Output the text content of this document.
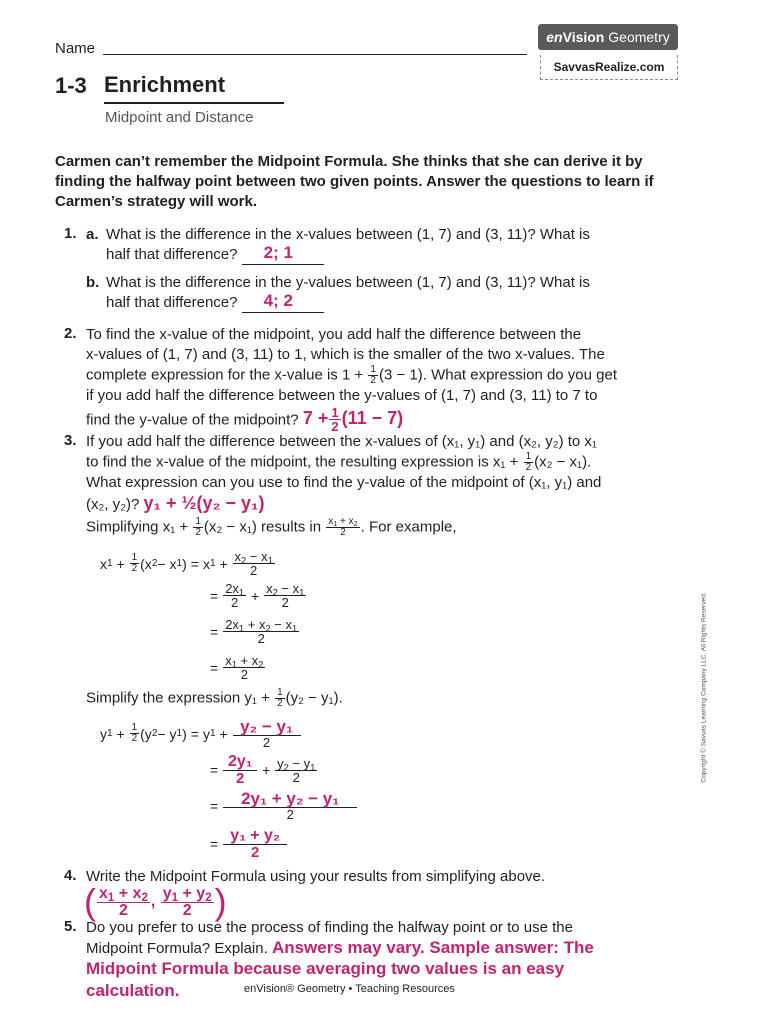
Name
enVision Geometry
SavvasRealize.com
1-3 Enrichment
Midpoint and Distance
Carmen can’t remember the Midpoint Formula. She thinks that she can derive it by finding the halfway point between two given points. Answer the questions to learn if Carmen’s strategy will work.
1. a. What is the difference in the x-values between (1, 7) and (3, 11)? What is
half that difference? 2; 1
b. What is the difference in the y-values between (1, 7) and (3, 11)? What is
half that difference? 4; 2
2. To find the x-value of the midpoint, you add half the difference between the
x-values of (1, 7) and (3, 11) to 1, which is the smaller of the two x-values. The
complete expression for the x-value is $1 + \frac{1}{2} (3 - 1)$. What expression do you get
if you add half the difference between the y-values of (1, 7) and (3, 11) to 7 to
find the y-value of the midpoint? $7 + \frac{1}{2} (11 - 7)$
3. If you add half the difference between the x-values of (x₁, y₁) and (x₂, y₂) to x₁
to find the x-value of the midpoint, the resulting expression is $x_1 + \frac{1}{2} (x_2 - x_1)$.
What expression can you use to find the y-value of the midpoint of (x₁, y₁) and
(x₂, y₂)? y₁ + ½(y₂ − y₁)
Simplifying $x_1 + \frac{1}{2} (x_2 - x_1)$ results in $\frac{x_1 + x_2}{2}$ . For example,
x $1 + \frac{1}{2} (x$ 2 − x 1 ) = x $1 + \frac{x_2 - x_1}{2}$
= $\frac{2x_1}{2} + \frac{x_2 - x_1}{2}$
= $\frac{2x_1 + x_2 - x_1}{2}$
= $\frac{x_1 + x_2}{2}$
Simplify the expression $y_1 + \frac{1}{2} (y_2 - y_1)$.
y $1 + \frac{1}{2} (y$ 2 − y 1 ) = y $1 + \frac{\text{y₂ − y₁}}{2}$
= $\frac{\text{2y₁}}{2} + \frac{y_2 - y_1}{2}$
= $\frac{\text{2y₁ + y₂ − y₁}}{2}$
= $\frac{\text{y₁ + y₂}}{2}$
4. Write the Midpoint Formula using your results from simplifying above.
( $\frac{x_1 + x_2}{2}$ , $\frac{y_1 + y_2}{2}$ )
5. Do you prefer to use the process of finding the halfway point or to use the
Midpoint Formula? Explain. Answers may vary. Sample answer: The
Midpoint Formula because averaging two values is an easy
calculation.	enVision® Geometry • Teaching Resources
Copyright © Savvas Learning Company LLC. All Rights Reserved.
